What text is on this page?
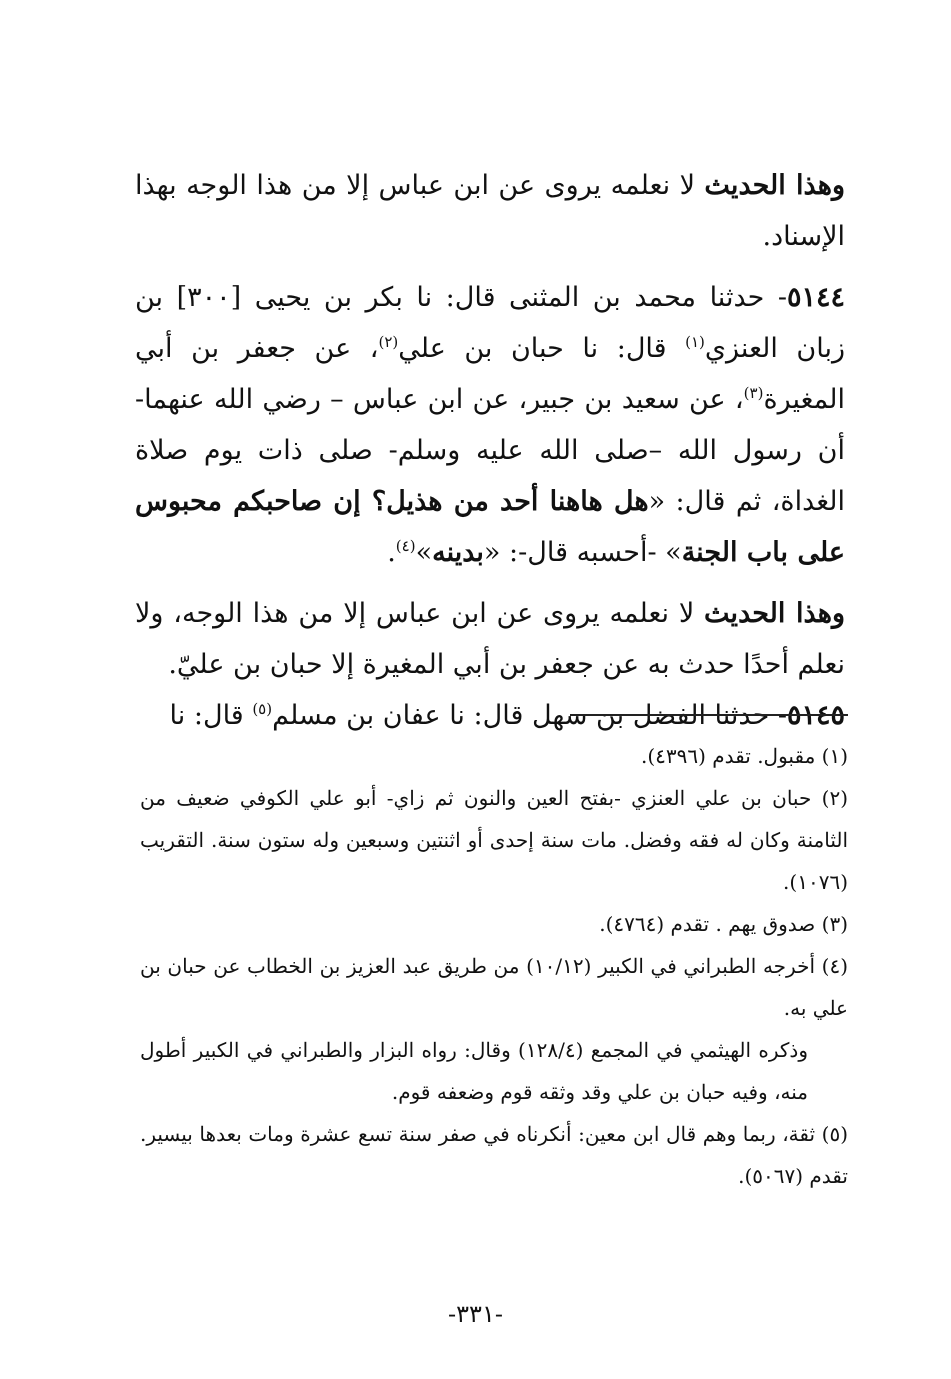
وهذا الحديث لا نعلمه يروى عن ابن عباس إلا من هذا الوجه بهذا الإسناد.

٥١٤٤- حدثنا محمد بن المثنى قال: نا بكر بن يحيى [٣٠٠] بن زبان العنزي$^{(١)}$ قال: نا حبان بن علي$^{(٢)}$، عن جعفر بن أبي المغيرة$^{(٣)}$، عن سعيد بن جبير، عن ابن عباس – رضي الله عنهما- أن رسول الله –صلى الله عليه وسلم- صلى ذات يوم صلاة الغداة، ثم قال: «هل هاهنا أحد من هذيل؟ إن صاحبكم محبوس على باب الجنة» -أحسبه قال-: «بدينه»$^{(٤)}$.

وهذا الحديث لا نعلمه يروى عن ابن عباس إلا من هذا الوجه، ولا نعلم أحدًا حدث به عن جعفر بن أبي المغيرة إلا حبان بن عليّ.

٥١٤٥- حدثنا الفضل بن سهل قال: نا عفان بن مسلم$^{(٥)}$ قال: نا

(١) مقبول. تقدم (٤٣٩٦).

(٢) حبان بن علي العنزي -بفتح العين والنون ثم زاي- أبو علي الكوفي ضعيف من الثامنة وكان له فقه وفضل. مات سنة إحدى أو اثنتين وسبعين وله ستون سنة. التقريب (١٠٧٦).

(٣) صدوق يهم . تقدم (٤٧٦٤).

(٤) أخرجه الطبراني في الكبير (١٠/١٢) من طريق عبد العزيز بن الخطاب عن حبان بن علي به.

وذكره الهيثمي في المجمع (١٢٨/٤) وقال: رواه البزار والطبراني في الكبير أطول منه، وفيه حبان بن علي وقد وثقه قوم وضعفه قوم.

(٥) ثقة، ربما وهم قال ابن معين: أنكرناه في صفر سنة تسع عشرة ومات بعدها بيسير. تقدم (٥٠٦٧).

-٣٣١-
